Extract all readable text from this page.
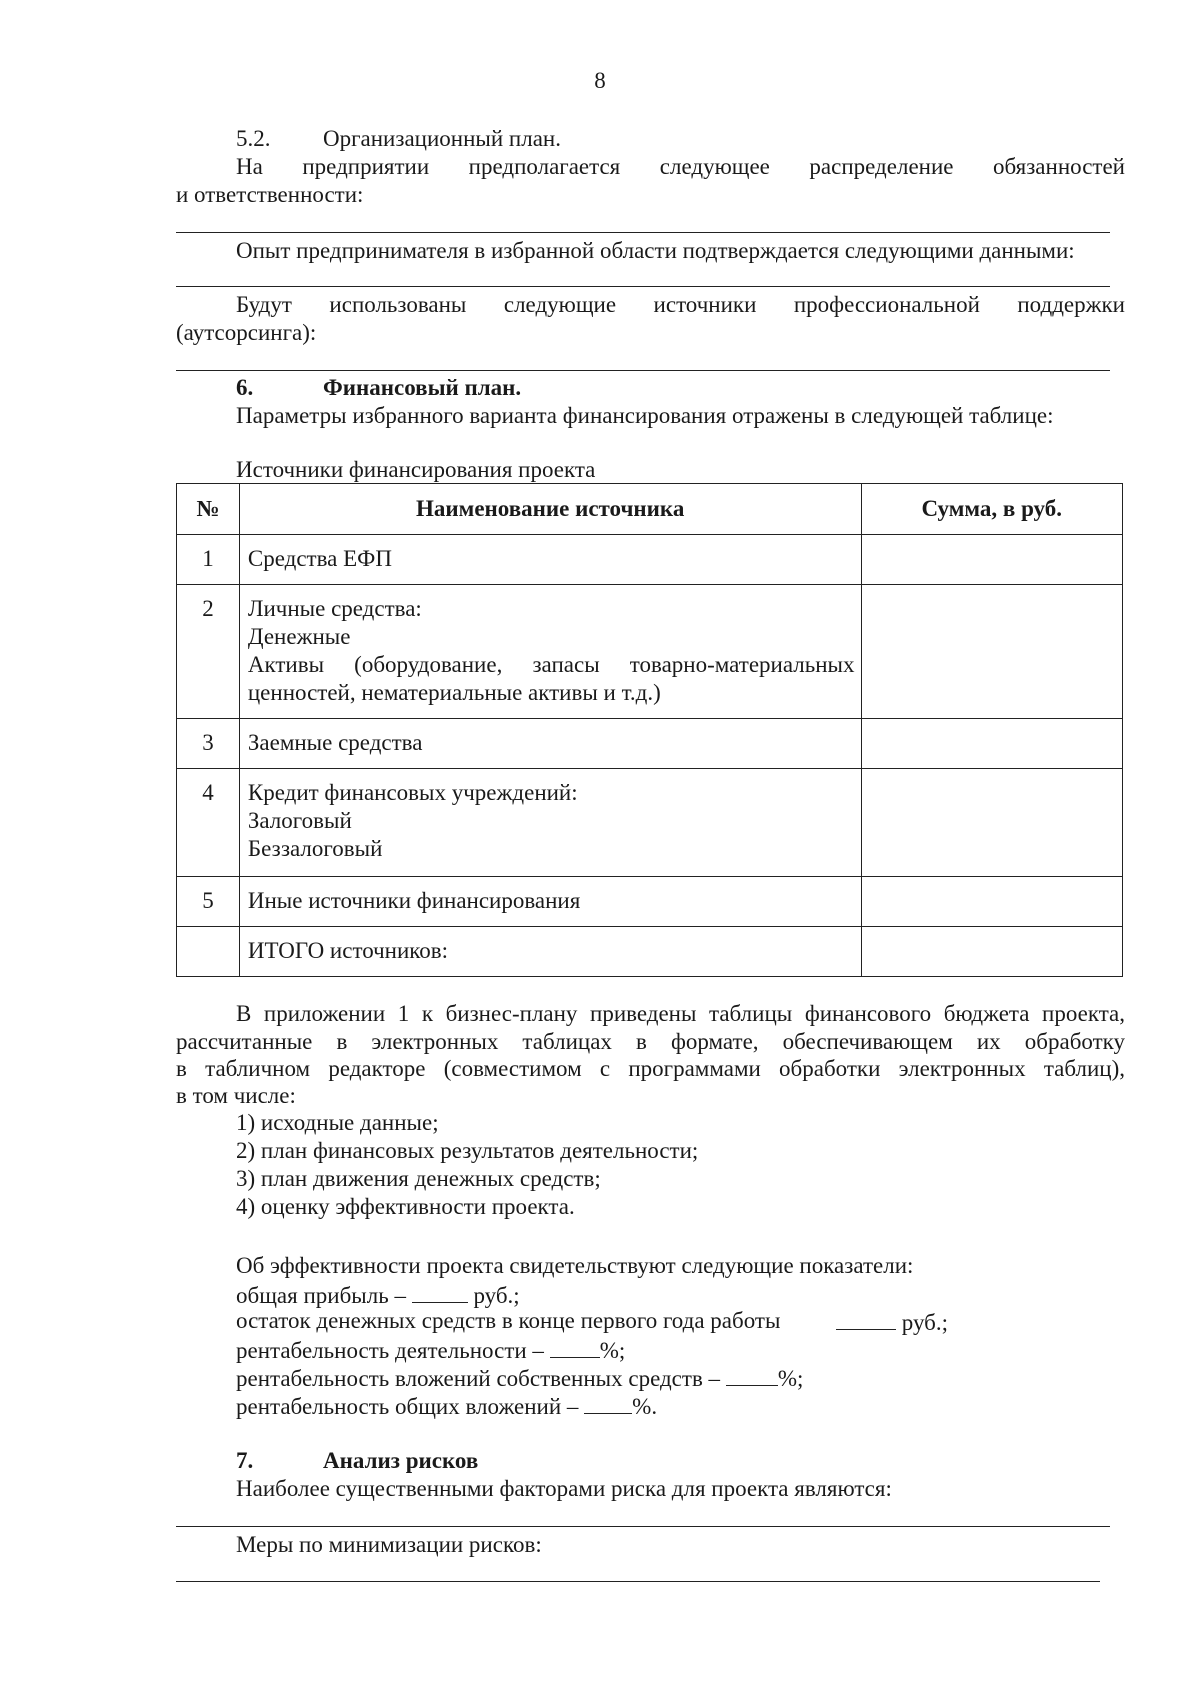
8
5.2. Организационный план.
На предприятии предполагается следующее распределение обязанностей
и ответственности:
Опыт предпринимателя в избранной области подтверждается следующими данными:
Будут использованы следующие источники профессиональной поддержки
(аутсорсинга):
6.	Финансовый план.
Параметры избранного варианта финансирования отражены в следующей таблице:
Источники финансирования проекта
№	Наименование источника	Сумма, в руб.
1	Средства ЕФП	

2	Личные средства:
Денежные
Активы (оборудование, запасы товарно-материальных
ценностей, нематериальные активы и т.д.)	

3	Заемные средства	

4	Кредит финансовых учреждений:
Залоговый
Беззалоговый	

5	Иные источники финансирования	

	ИТОГО источников:	

В приложении 1 к бизнес-плану приведены таблицы финансового бюджета проекта,
рассчитанные в электронных таблицах в формате, обеспечивающем их обработку
в табличном редакторе (совместимом с программами обработки электронных таблиц),
в том числе:
1) исходные данные;
2) план финансовых результатов деятельности;
3) план движения денежных средств;
4) оценку эффективности проекта.
Об эффективности проекта свидетельствуют следующие показатели:
общая прибыль –	руб.;
остаток денежных средств в конце первого года работы	руб.;
рентабельность деятельности – %;
рентабельность вложений собственных средств –	%;
рентабельность общих вложений – %.
7.	Анализ рисков
Наиболее существенными факторами риска для проекта являются:
Меры по минимизации рисков:
